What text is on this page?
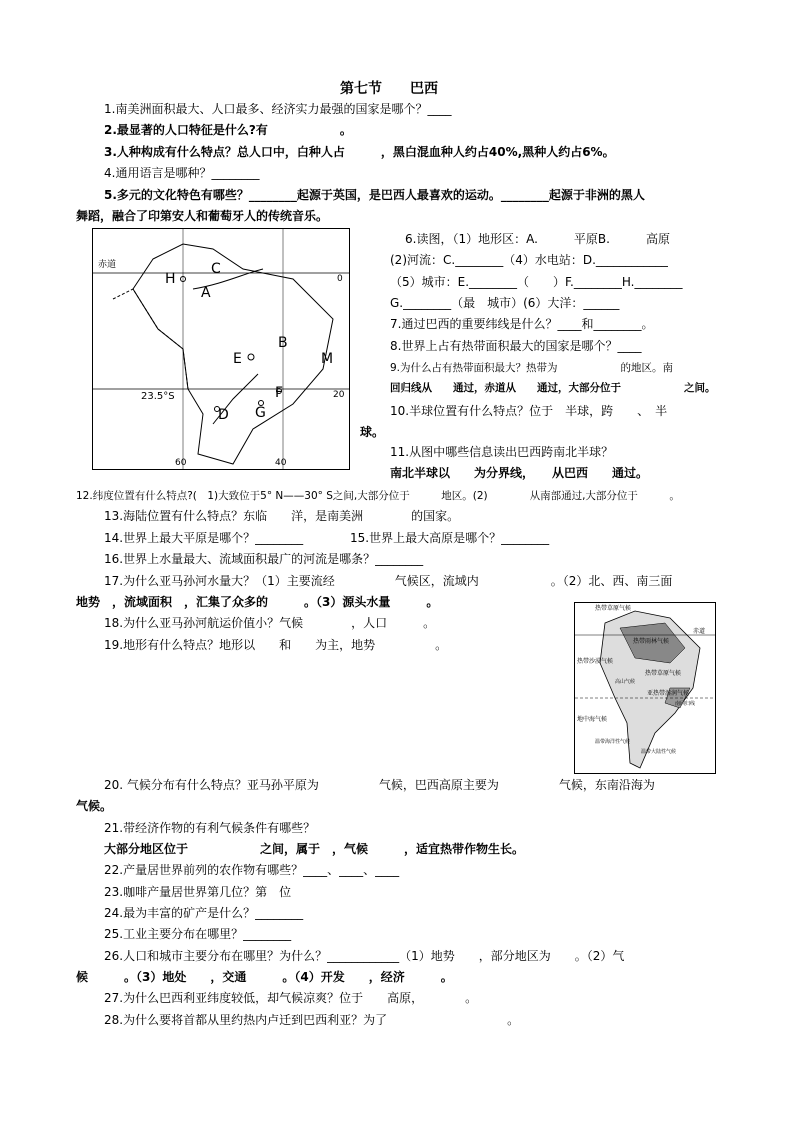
第七节　　巴西
1.南美洲面积最大、人口最多、经济实力最强的国家是哪个？____
2.最显著的人口特征是什么?有　　　　　　。
3.人种构成有什么特点？总人口中，白种人占　　　，黑白混血种人约占40%,黑种人约占6%。
4.通用语言是哪种？________
5.多元的文化特色有哪些？________起源于英国，是巴西人最喜欢的运动。________起源于非洲的黑人
舞蹈，融合了印第安人和葡萄牙人的传统音乐。
赤道
0
23.5°S	20
60	40
A
B
C
D
E
F
G
H
M
6.读图，（1）地形区：A.　　　平原B.　　　高原
(2)河流：C.________（4）水电站：D.____________
（5）城市：E.________（　　）F.________H.________
G.________（最　城市）(6）大洋：______
7.通过巴西的重要纬线是什么？____和________。
8.世界上占有热带面积最大的国家是哪个？____
9.为什么占有热带面积最大？热带为　　　　　　的地区。南
回归线从　　通过，赤道从　　通过，大部分位于　　　　　　之间。
10.半球位置有什么特点？位于　半球，跨　　、　半
球。
11.从图中哪些信息读出巴西跨南北半球？
南北半球以　　为分界线，　　从巴西　　通过。
12.纬度位置有什么特点?(　1)大致位于5° N——30° S之间,大部分位于　　　地区。(2)　　　　从南部通过,大部分位于　　　。
13.海陆位置有什么特点？东临　　洋，是南美洲　　　　的国家。
14.世界上最大平原是哪个？________	15.世界上最大高原是哪个？________
16.世界上水量最大、流域面积最广的河流是哪条？________
17.为什么亚马孙河水量大？（1）主要流经　　　　　气候区，流域内　　　　　　。（2）北、西、南三面
地势　，流域面积　，汇集了众多的　　　。（3）源头水量　　　。
18.为什么亚马孙河航运价值小？气候　　　　，人口　　　。
19.地形有什么特点？地形以　　和　　为主，地势　　　　　。
热带草原气候
热带雨林气候
赤道
热带草原气候
热带沙漠气候
亚热带湿润气候
南回归线
地中海气候
温带海洋性气候
温带大陆性气候
高山气候
20. 气候分布有什么特点？亚马孙平原为　　　　　气候，巴西高原主要为　　　　　气候，东南沿海为
气候。
21.带经济作物的有利气候条件有哪些？
大部分地区位于　　　　　　之间，属于　，气候　　　，适宜热带作物生长。
22.产量居世界前列的农作物有哪些？____、____、____
23.咖啡产量居世界第几位？第　位
24.最为丰富的矿产是什么？________
25.工业主要分布在哪里？________
26.人口和城市主要分布在哪里？为什么？____________（1）地势　　，部分地区为　　。（2）气
候　　　。（3）地处　　，交通　　　。（4）开发　　，经济　　　。
27.为什么巴西利亚纬度较低，却气候凉爽？位于　　高原，　　　　。
28.为什么要将首都从里约热内卢迁到巴西利亚？为了　　　　　　　　　　。
